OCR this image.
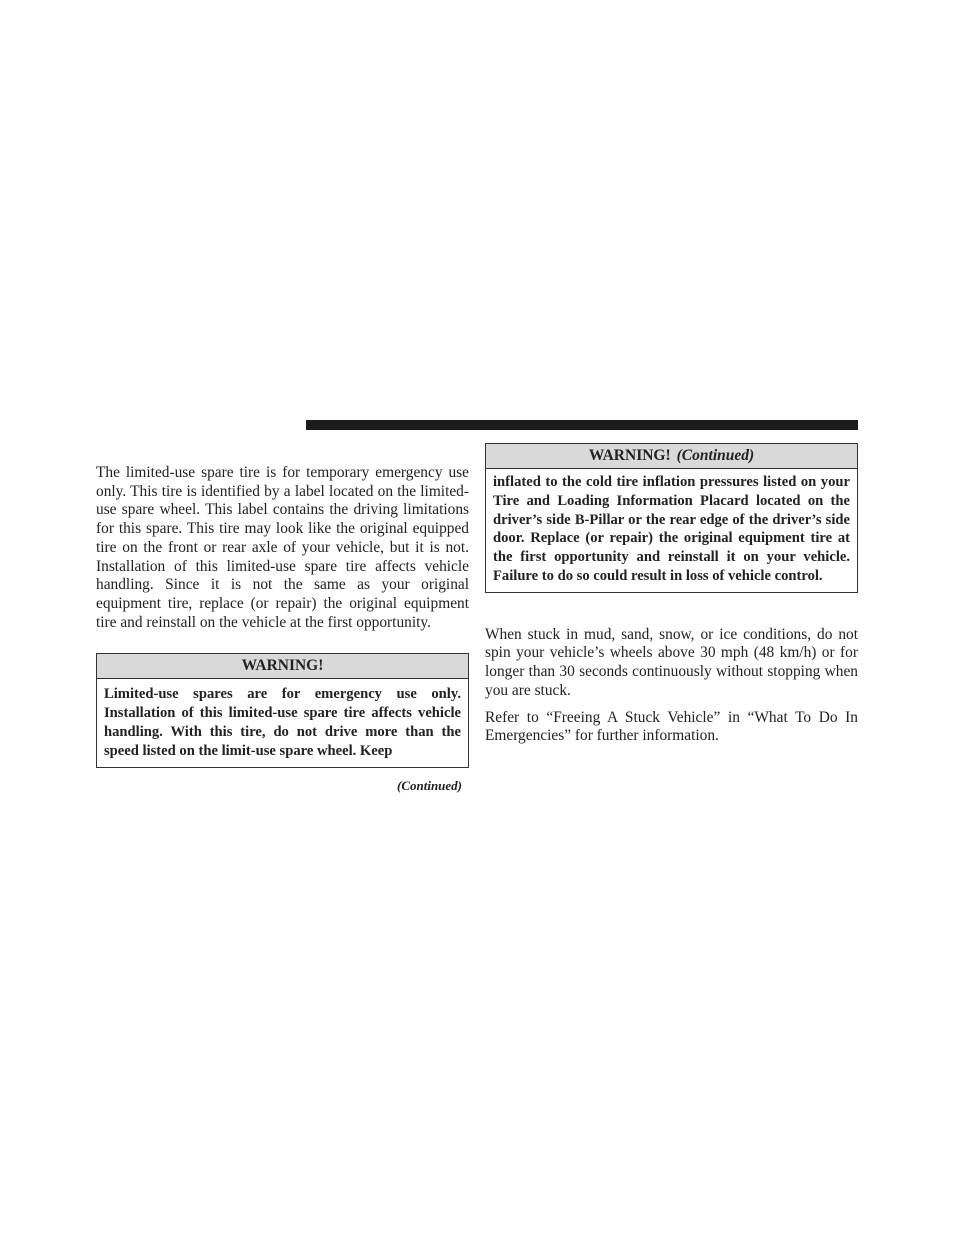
The limited-use spare tire is for temporary emergency use only. This tire is identified by a label located on the limited-use spare wheel. This label contains the driving limitations for this spare. This tire may look like the original equipped tire on the front or rear axle of your vehicle, but it is not. Installation of this limited-use spare tire affects vehicle handling. Since it is not the same as your original equipment tire, replace (or repair) the original equipment tire and reinstall on the vehicle at the first opportunity.

WARNING!

Limited-use spares are for emergency use only. Installation of this limited-use spare tire affects vehicle handling. With this tire, do not drive more than the speed listed on the limit-use spare wheel. Keep

(Continued)
WARNING! (Continued)

inflated to the cold tire inflation pressures listed on your Tire and Loading Information Placard located on the driver’s side B-Pillar or the rear edge of the driver’s side door. Replace (or repair) the original equipment tire at the first opportunity and reinstall it on your vehicle. Failure to do so could result in loss of vehicle control.

When stuck in mud, sand, snow, or ice conditions, do not spin your vehicle’s wheels above 30 mph (48 km/h) or for longer than 30 seconds continuously without stopping when you are stuck.

Refer to “Freeing A Stuck Vehicle” in “What To Do In Emergencies” for further information.
